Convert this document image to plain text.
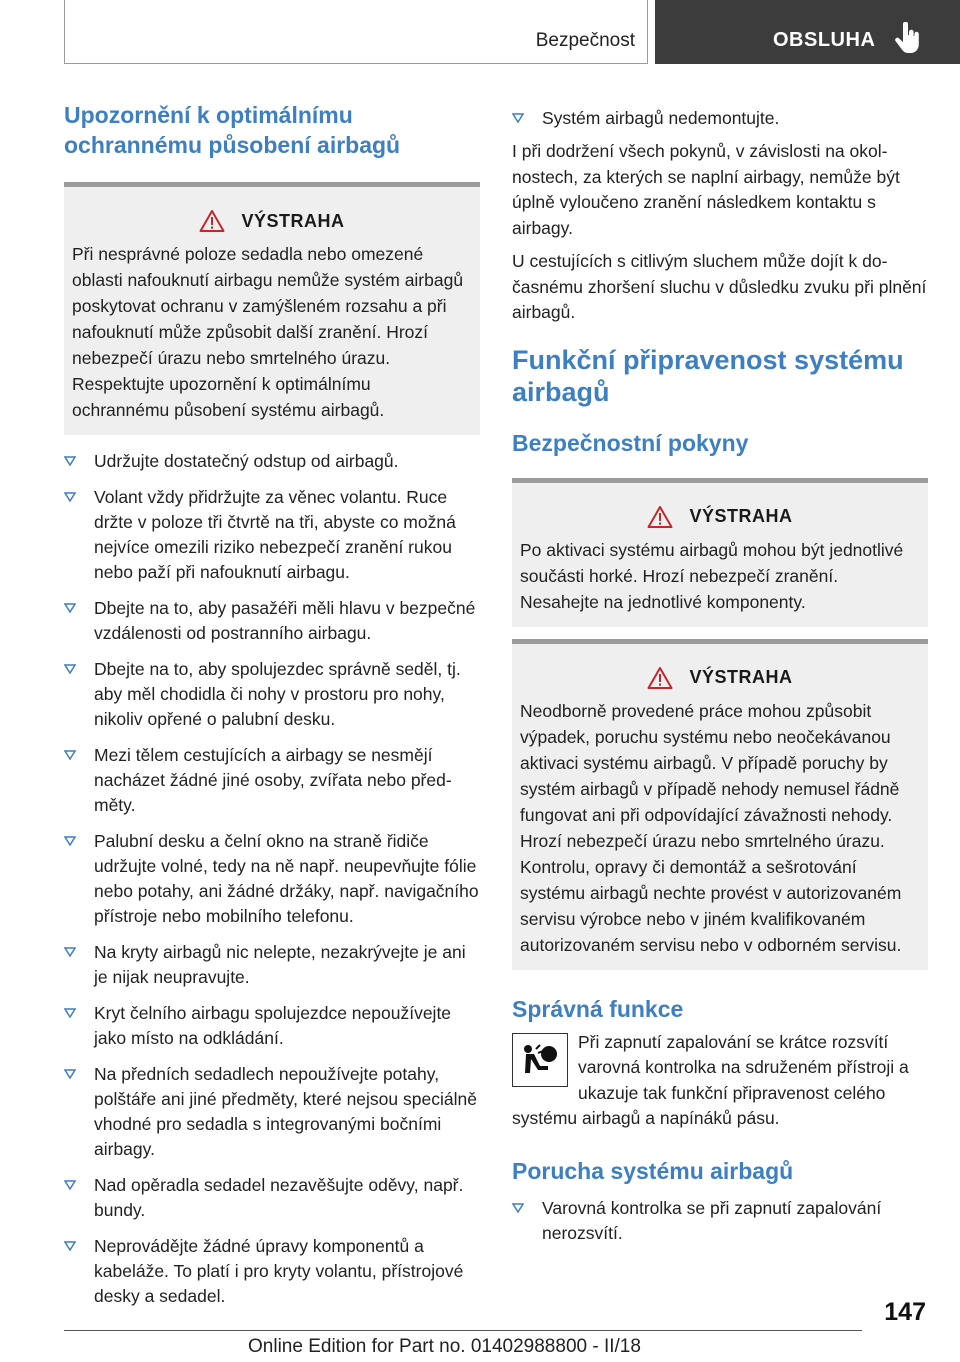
Bezpečnost	OBSLUHA
Upozornění k optimálnímu ochrannému působení airbagů
VÝSTRAHA

Při nesprávné poloze sedadla nebo omezené oblasti nafouknutí airbagu nemůže systém airbagů poskytovat ochranu v zamýšleném rozsahu a při nafouknutí může způsobit další zranění. Hrozí nebezpečí úrazu nebo smrtelného úrazu. Respektujte upozornění k optimálnímu ochrannému působení systému airbagů.

Udržujte dostatečný odstup od airbagů.
Volant vždy přidržujte za věnec volantu. Ruce držte v poloze tři čtvrtě na tři, abyste co možná nejvíce omezili riziko nebezpečí zranění rukou nebo paží při nafouknutí airbagu.
Dbejte na to, aby pasažéři měli hlavu v bezpečné vzdálenosti od postranního airbagu.
Dbejte na to, aby spolujezdec správně seděl, tj. aby měl chodidla či nohy v prostoru pro nohy, nikoliv opřené o palubní desku.
Mezi tělem cestujících a airbagy se nesmějí nacházet žádné jiné osoby, zvířata nebo předměty.
Palubní desku a čelní okno na straně řidiče udržujte volné, tedy na ně např. neupevňujte fólie nebo potahy, ani žádné držáky, např. navigačního přístroje nebo mobilního telefonu.
Na kryty airbagů nic nelepte, nezakrývejte je ani je nijak neupravujte.
Kryt čelního airbagu spolujezdce nepoužívejte jako místo na odkládání.
Na předních sedadlech nepoužívejte potahy, polštáře ani jiné předměty, které nejsou speciálně vhodné pro sedadla s integrovanými bočními airbagy.
Nad opěradla sedadel nezavěšujte oděvy, např. bundy.
Neprovádějte žádné úpravy komponentů a kabeláže. To platí i pro kryty volantu, přístrojové desky a sedadel.
Systém airbagů nedemontujte.

I při dodržení všech pokynů, v závislosti na okolnostech, za kterých se naplní airbagy, nemůže být úplně vyloučeno zranění následkem kontaktu s airbagy.

U cestujících s citlivým sluchem může dojít k dočasnému zhoršení sluchu v důsledku zvuku při plnění airbagů.

Funkční připravenost systému airbagů
Bezpečnostní pokyny
VÝSTRAHA

Po aktivaci systému airbagů mohou být jednotlivé součásti horké. Hrozí nebezpečí zranění. Nesahejte na jednotlivé komponenty.

VÝSTRAHA

Neodborně provedené práce mohou způsobit výpadek, poruchu systému nebo neočekávanou aktivaci systému airbagů. V případě poruchy by systém airbagů v případě nehody nemusel řádně fungovat ani při odpovídající závažnosti nehody. Hrozí nebezpečí úrazu nebo smrtelného úrazu. Kontrolu, opravy či demontáž a sešrotování systému airbagů nechte provést v autorizovaném servisu výrobce nebo v jiném kvalifikovaném autorizovaném servisu nebo v odborném servisu.

Správná funkce

Při zapnutí zapalování se krátce rozsvítí varovná kontrolka na sdruženém přístroji a ukazuje tak funkční připravenost celého

systému airbagů a napínáků pásu.

Porucha systému airbagů
Varovná kontrolka se při zapnutí zapalování nerozsvítí.
147
Online Edition for Part no. 01402988800 - II/18
